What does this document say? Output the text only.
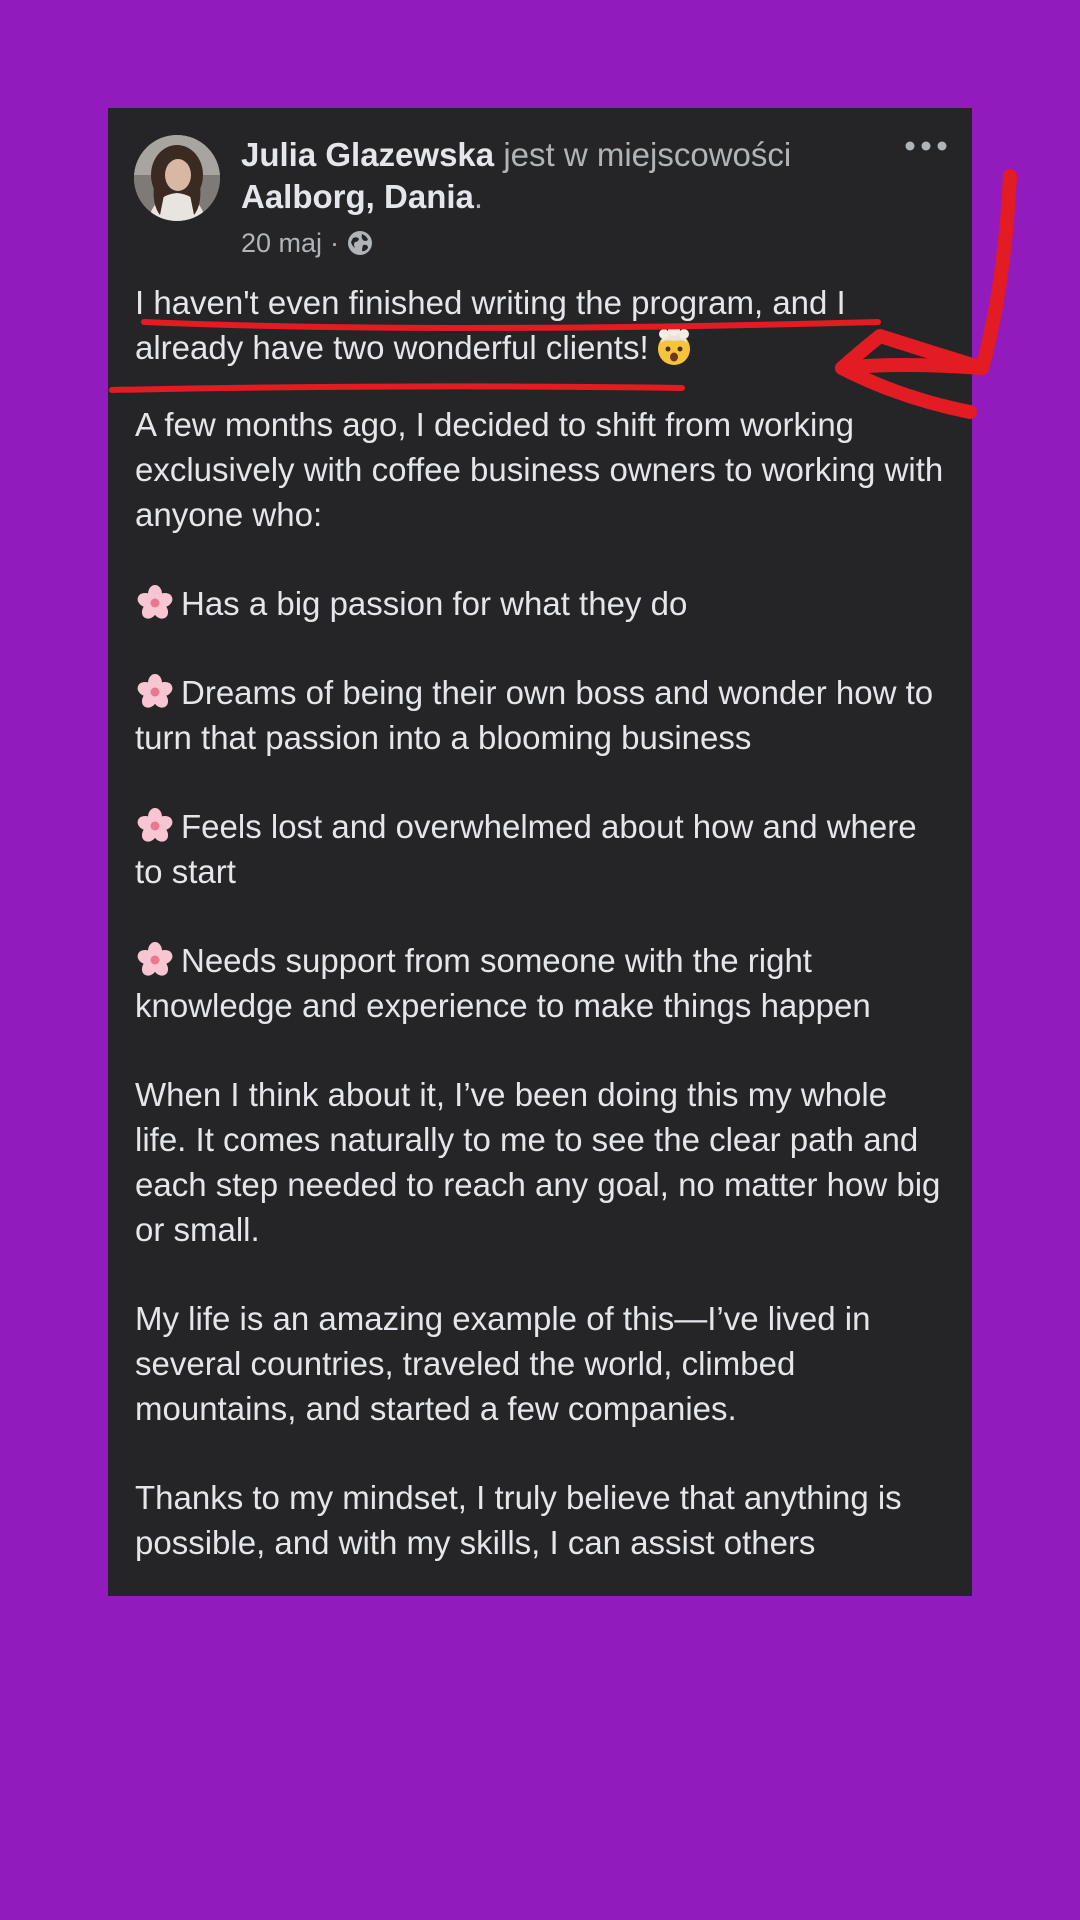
Julia Glazewska jest w miejscowości
Aalborg, Dania.
20 maj ·

I haven't even finished writing the program, and I already have two wonderful clients!

A few months ago, I decided to shift from working exclusively with coffee business owners to working with anyone who:

Has a big passion for what they do

Dreams of being their own boss and wonder how to turn that passion into a blooming business

Feels lost and overwhelmed about how and where to start

Needs support from someone with the right knowledge and experience to make things happen

When I think about it, I’ve been doing this my whole life. It comes naturally to me to see the clear path and each step needed to reach any goal, no matter how big or small.

My life is an amazing example of this—I’ve lived in several countries, traveled the world, climbed mountains, and started a few companies.

Thanks to my mindset, I truly believe that anything is possible, and with my skills, I can assist others
